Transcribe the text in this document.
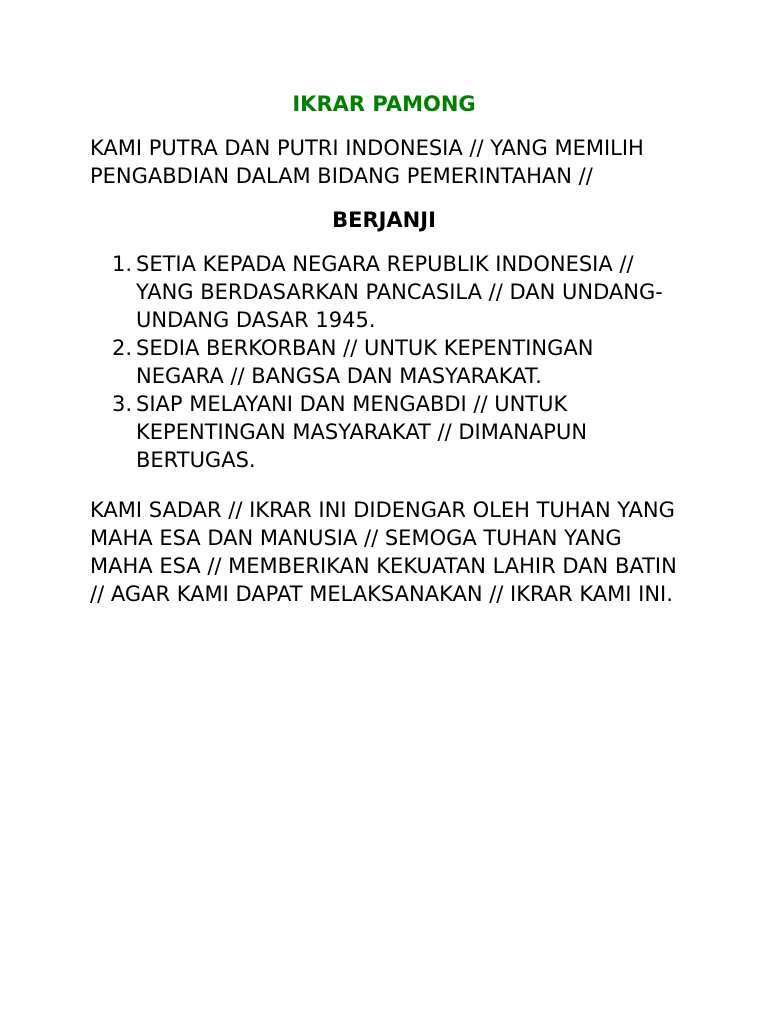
IKRAR PAMONG

KAMI PUTRA DAN PUTRI INDONESIA // YANG MEMILIH PENGABDIAN DALAM BIDANG PEMERINTAHAN //

BERJANJI
1. SETIA KEPADA NEGARA REPUBLIK INDONESIA // YANG BERDASARKAN PANCASILA // DAN UNDANG-UNDANG DASAR 1945.
2. SEDIA BERKORBAN // UNTUK KEPENTINGAN NEGARA // BANGSA DAN MASYARAKAT.
3. SIAP MELAYANI DAN MENGABDI // UNTUK KEPENTINGAN MASYARAKAT // DIMANAPUN BERTUGAS.

KAMI SADAR // IKRAR INI DIDENGAR OLEH TUHAN YANG MAHA ESA DAN MANUSIA // SEMOGA TUHAN YANG MAHA ESA // MEMBERIKAN KEKUATAN LAHIR DAN BATIN // AGAR KAMI DAPAT MELAKSANAKAN // IKRAR KAMI INI.
